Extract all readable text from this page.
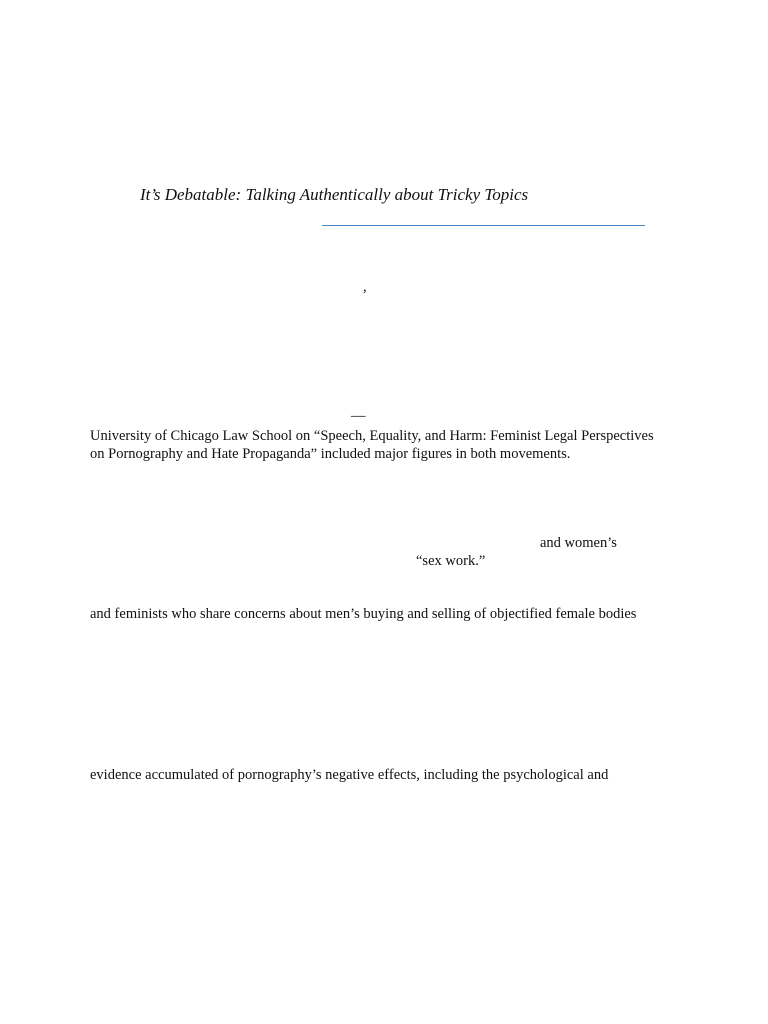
It’s Debatable: Talking Authentically about Tricky Topics
,
—
University of Chicago Law School on “Speech, Equality, and Harm: Feminist Legal Perspectives
on Pornography and Hate Propaganda” included major figures in both movements.
and women’s
“sex work.”
and feminists who share concerns about men’s buying and selling of objectified female bodies
evidence accumulated of pornography’s negative effects, including the psychological and
